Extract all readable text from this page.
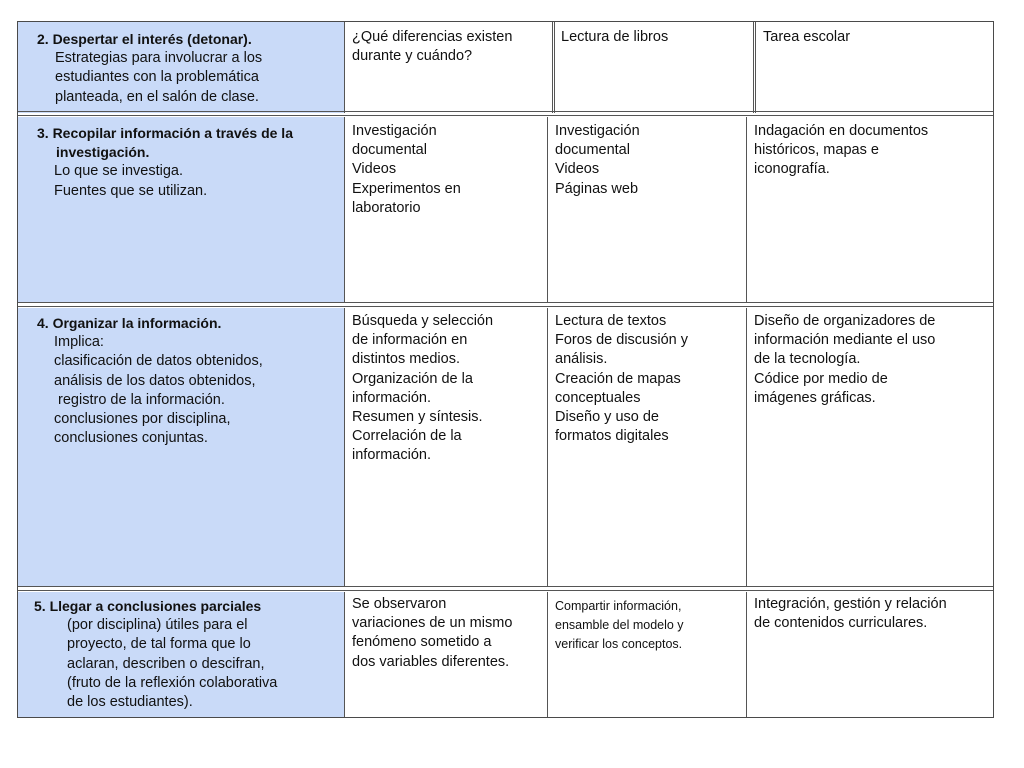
2. Despertar el interés (detonar).
Estrategias para involucrar a los
estudiantes con la problemática
planteada, en el salón de clase.
¿Qué diferencias existen
durante y cuándo?
Lectura de libros	Tarea escolar
3. Recopilar información a través de la
investigación.
Lo que se investiga.
Fuentes que se utilizan.
Investigación
documental
Videos
Experimentos en
laboratorio
Investigación
documental
Videos
Páginas web
Indagación en documentos
históricos, mapas e
iconografía.
4. Organizar la información.
Implica:
clasificación de datos obtenidos,
análisis de los datos obtenidos,
registro de la información.
conclusiones por disciplina,
conclusiones conjuntas.
Búsqueda y selección
de información en
distintos medios.
Organización de la
información.
Resumen y síntesis.
Correlación de la
información.
Lectura de textos
Foros de discusión y
análisis.
Creación de mapas
conceptuales
Diseño y uso de
formatos digitales
Diseño de organizadores de
información mediante el uso
de la tecnología.
Códice por medio de
imágenes gráficas.
5. Llegar a conclusiones parciales
(por disciplina) útiles para el
proyecto, de tal forma que lo
aclaran, describen o descifran,
(fruto de la reflexión colaborativa
de los estudiantes).
Se observaron
variaciones de un mismo
fenómeno sometido a
dos variables diferentes.
Compartir información,
ensamble del modelo y
verificar los conceptos.
Integración, gestión y relación
de contenidos curriculares.
